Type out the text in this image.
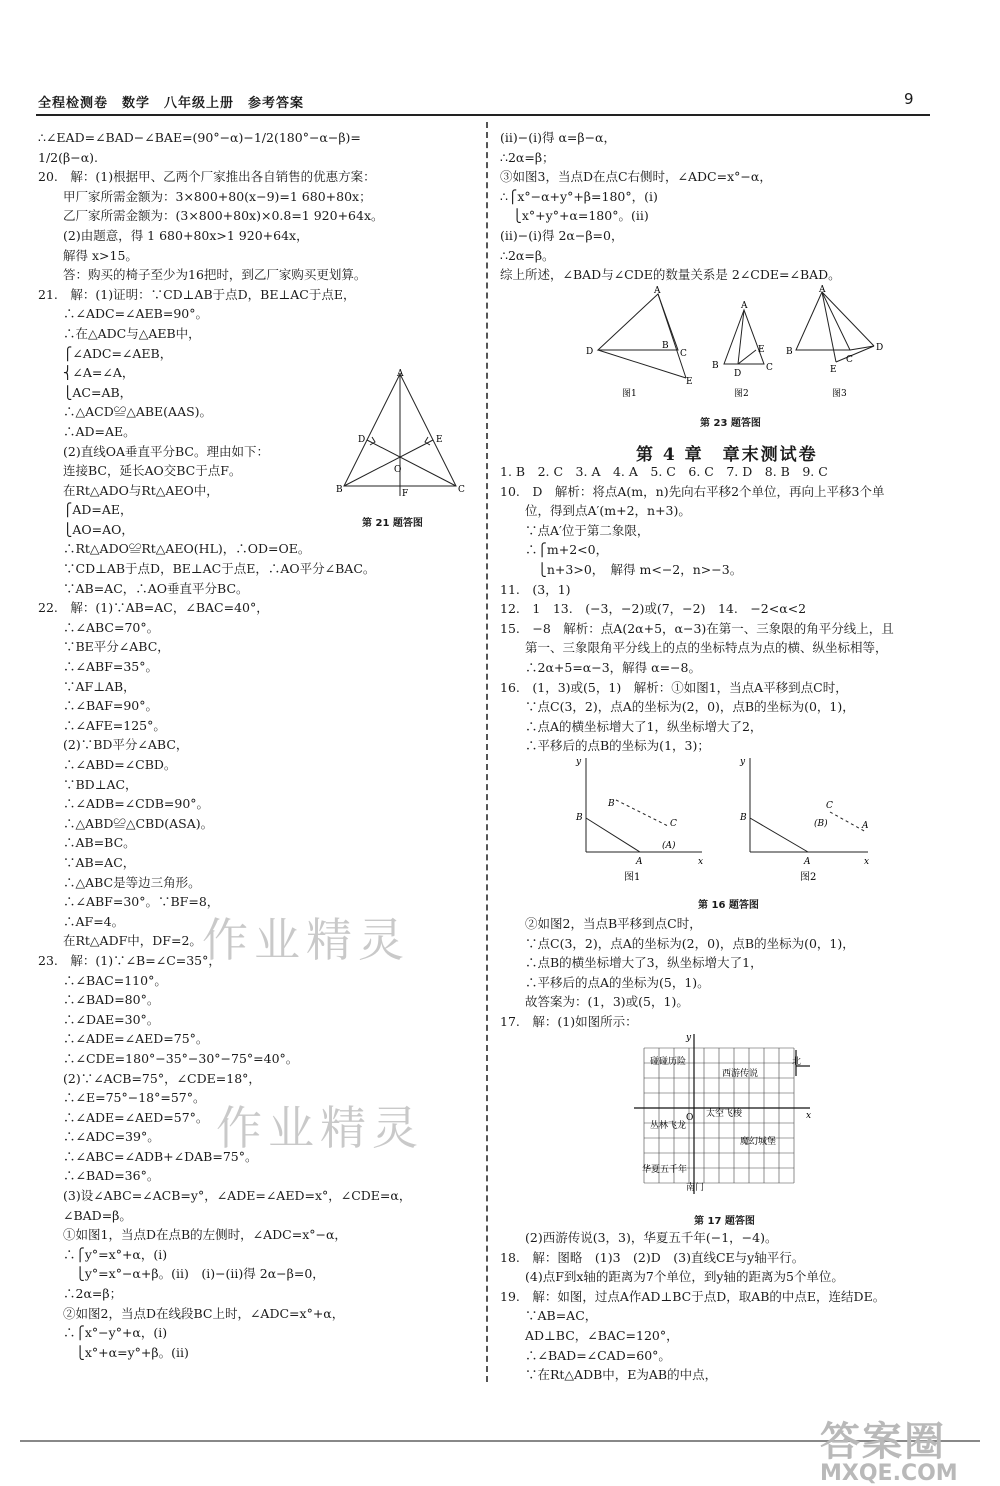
全程检测卷　数学　八年级上册　参考答案	9
∴∠EAD=∠BAD−∠BAE=(90°−α)−1/2(180°−α−β)=
1/2(β−α).
20.　解：(1)根据甲、乙两个厂家推出各自销售的优惠方案：
　　甲厂家所需金额为：3×800+80(x−9)=1 680+80x；
　　乙厂家所需金额为：(3×800+80x)×0.8=1 920+64x。
　　(2)由题意，得 1 680+80x>1 920+64x，
　　解得 x>15。
　　答：购买的椅子至少为16把时，到乙厂家购买更划算。
21.　解：(1)证明：∵CD⊥AB于点D，BE⊥AC于点E，
　　∴∠ADC=∠AEB=90°。
　　∴在△ADC与△AEB中，
　　⎧∠ADC=∠AEB，
　　⎨∠A=∠A，
　　⎩AC=AB，
　　∴△ACD≌△ABE(AAS)。
　　∴AD=AE。
　　(2)直线OA垂直平分BC。理由如下：
　　连接BC，延长AO交BC于点F。
　　在Rt△ADO与Rt△AEO中，
　　⎧AD=AE，
　　⎩AO=AO，
　　∴Rt△ADO≌Rt△AEO(HL)，∴OD=OE。
　　∵CD⊥AB于点D，BE⊥AC于点E，∴AO平分∠BAC。
　　∵AB=AC，∴AO垂直平分BC。
22.　解：(1)∵AB=AC，∠BAC=40°，
　　∴∠ABC=70°。
　　∵BE平分∠ABC，
　　∴∠ABF=35°。
　　∵AF⊥AB，
　　∴∠BAF=90°。
　　∴∠AFE=125°。
　　(2)∵BD平分∠ABC，
　　∴∠ABD=∠CBD。
　　∵BD⊥AC，
　　∴∠ADB=∠CDB=90°。
　　∴△ABD≌△CBD(ASA)。
　　∴AB=BC。
　　∵AB=AC，
　　∴△ABC是等边三角形。
　　∴∠ABF=30°。∵BF=8，
　　∴AF=4。
　　在Rt△ADF中，DF=2。
23.　解：(1)∵∠B=∠C=35°，
　　∴∠BAC=110°。
　　∴∠BAD=80°。
　　∴∠DAE=30°。
　　∴∠ADE=∠AED=75°。
　　∴∠CDE=180°−35°−30°−75°=40°。
　　(2)∵∠ACB=75°，∠CDE=18°，
　　∴∠E=75°−18°=57°。
　　∴∠ADE=∠AED=57°。
　　∴∠ADC=39°。
　　∴∠ABC=∠ADB+∠DAB=75°。
　　∴∠BAD=36°。
　　(3)设∠ABC=∠ACB=y°，∠ADE=∠AED=x°，∠CDE=α，
　　∠BAD=β。
　　①如图1，当点D在点B的左侧时，∠ADC=x°−α，
　　∴⎧y°=x°+α，(i)
　　　⎩y°=x°−α+β。(ii)　(i)−(ii)得 2α−β=0，
　　∴2α=β；
　　②如图2，当点D在线段BC上时，∠ADC=x°+α，
　　∴⎧x°−y°+α，(i)
　　　⎩x°+α=y°+β。(ii)
A
D	E
O
B	F	C
第 21 题答图
(ii)−(i)得 α=β−α，
∴2α=β；
③如图3，当点D在点C右侧时，∠ADC=x°−α，
∴⎧x°−α+y°+β=180°，(i)
　⎩x°+y°+α=180°。(ii)
(ii)−(i)得 2α−β=0，
∴2α=β。
综上所述，∠BAD与∠CDE的数量关系是 2∠CDE=∠BAD。
A
D
B
C
E
A
B
D
E
C
A
B
C
E
D
图1	图2	图3
第 23 题答图
第 4 章　章末测试卷
1. B　2. C　3. A　4. A　5. C　6. C　7. D　8. B　9. C
10.　D　解析：将点A(m，n)先向右平移2个单位，再向上平移3个单
　　位，得到点A′(m+2，n+3)。
　　∵点A′位于第二象限，
　　∴⎧m+2<0，
　　　⎩n+3>0，　解得 m<−2，n>−3。
11.　(3，1)
12.　1　13.　(−3，−2)或(7，−2)　14.　−2<α<2
15.　−8　解析：点A(2α+5，α−3)在第一、三象限的角平分线上，且
　　第一、三象限角平分线上的点的坐标特点为点的横、纵坐标相等，
　　∴2α+5=α−3，解得 α=−8。
16.　(1，3)或(5，1)　解析：①如图1，当点A平移到点C时，
　　∵点C(3，2)，点A的坐标为(2，0)，点B的坐标为(0，1)，
　　∴点A的横坐标增大了1，纵坐标增大了2，
　　∴平移后的点B的坐标为(1，3)；
y
x
A
B
B
C
(A)
y
x
A
B
C
(B)	A
图1	图2
第 16 题答图
　　②如图2，当点B平移到点C时，
　　∵点C(3，2)，点A的坐标为(2，0)，点B的坐标为(0，1)，
　　∴点B的横坐标增大了3，纵坐标增大了1，
　　∴平移后的点A的坐标为(5，1)。
　　故答案为：(1，3)或(5，1)。
17.　解：(1)如图所示：
y
x
O
北
碰碰历险
西游传说
太空飞梭
丛林飞龙
魔幻城堡
华夏五千年
南门
第 17 题答图
　　(2)西游传说(3，3)，华夏五千年(−1，−4)。
18.　解：图略　(1)3　(2)D　(3)直线CE与y轴平行。
　　(4)点F到x轴的距离为7个单位，到y轴的距离为5个单位。
19.　解：如图，过点A作AD⊥BC于点D，取AB的中点E，连结DE。
　　∵AB=AC，
　　AD⊥BC，∠BAC=120°，
　　∴∠BAD=∠CAD=60°。
　　∵在Rt△ADB中，E为AB的中点，
作业精灵
作业精灵
答案圈
MXQE.COM
